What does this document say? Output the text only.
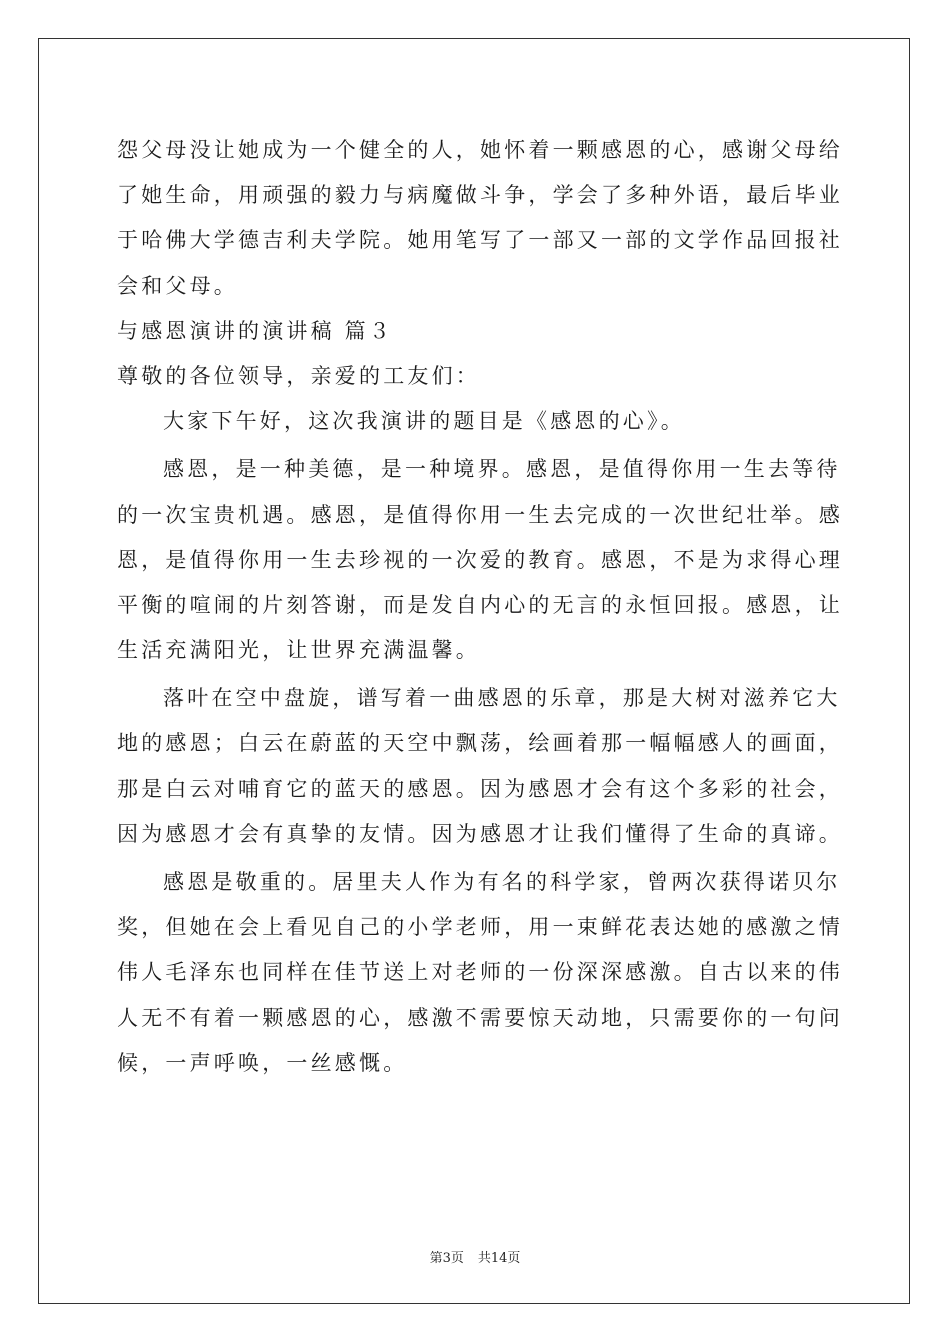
怨父母没让她成为一个健全的人，她怀着一颗感恩的心，感谢父母给
了她生命，用顽强的毅力与病魔做斗争，学会了多种外语，最后毕业
于哈佛大学德吉利夫学院。她用笔写了一部又一部的文学作品回报社
会和父母。
与感恩演讲的演讲稿 篇３
尊敬的各位领导，亲爱的工友们：
大家下午好，这次我演讲的题目是《感恩的心》。
感恩，是一种美德，是一种境界。感恩，是值得你用一生去等待
的一次宝贵机遇。感恩，是值得你用一生去完成的一次世纪壮举。感
恩，是值得你用一生去珍视的一次爱的教育。感恩，不是为求得心理
平衡的喧闹的片刻答谢，而是发自内心的无言的永恒回报。感恩，让
生活充满阳光，让世界充满温馨。
落叶在空中盘旋，谱写着一曲感恩的乐章，那是大树对滋养它大
地的感恩；白云在蔚蓝的天空中飘荡，绘画着那一幅幅感人的画面，
那是白云对哺育它的蓝天的感恩。因为感恩才会有这个多彩的社会，
因为感恩才会有真挚的友情。因为感恩才让我们懂得了生命的真谛。
感恩是敬重的。居里夫人作为有名的科学家，曾两次获得诺贝尔
奖，但她在会上看见自己的小学老师，用一束鲜花表达她的感激之情
伟人毛泽东也同样在佳节送上对老师的一份深深感激。自古以来的伟
人无不有着一颗感恩的心，感激不需要惊天动地，只需要你的一句问
候，一声呼唤，一丝感慨。
第3页 共14页
